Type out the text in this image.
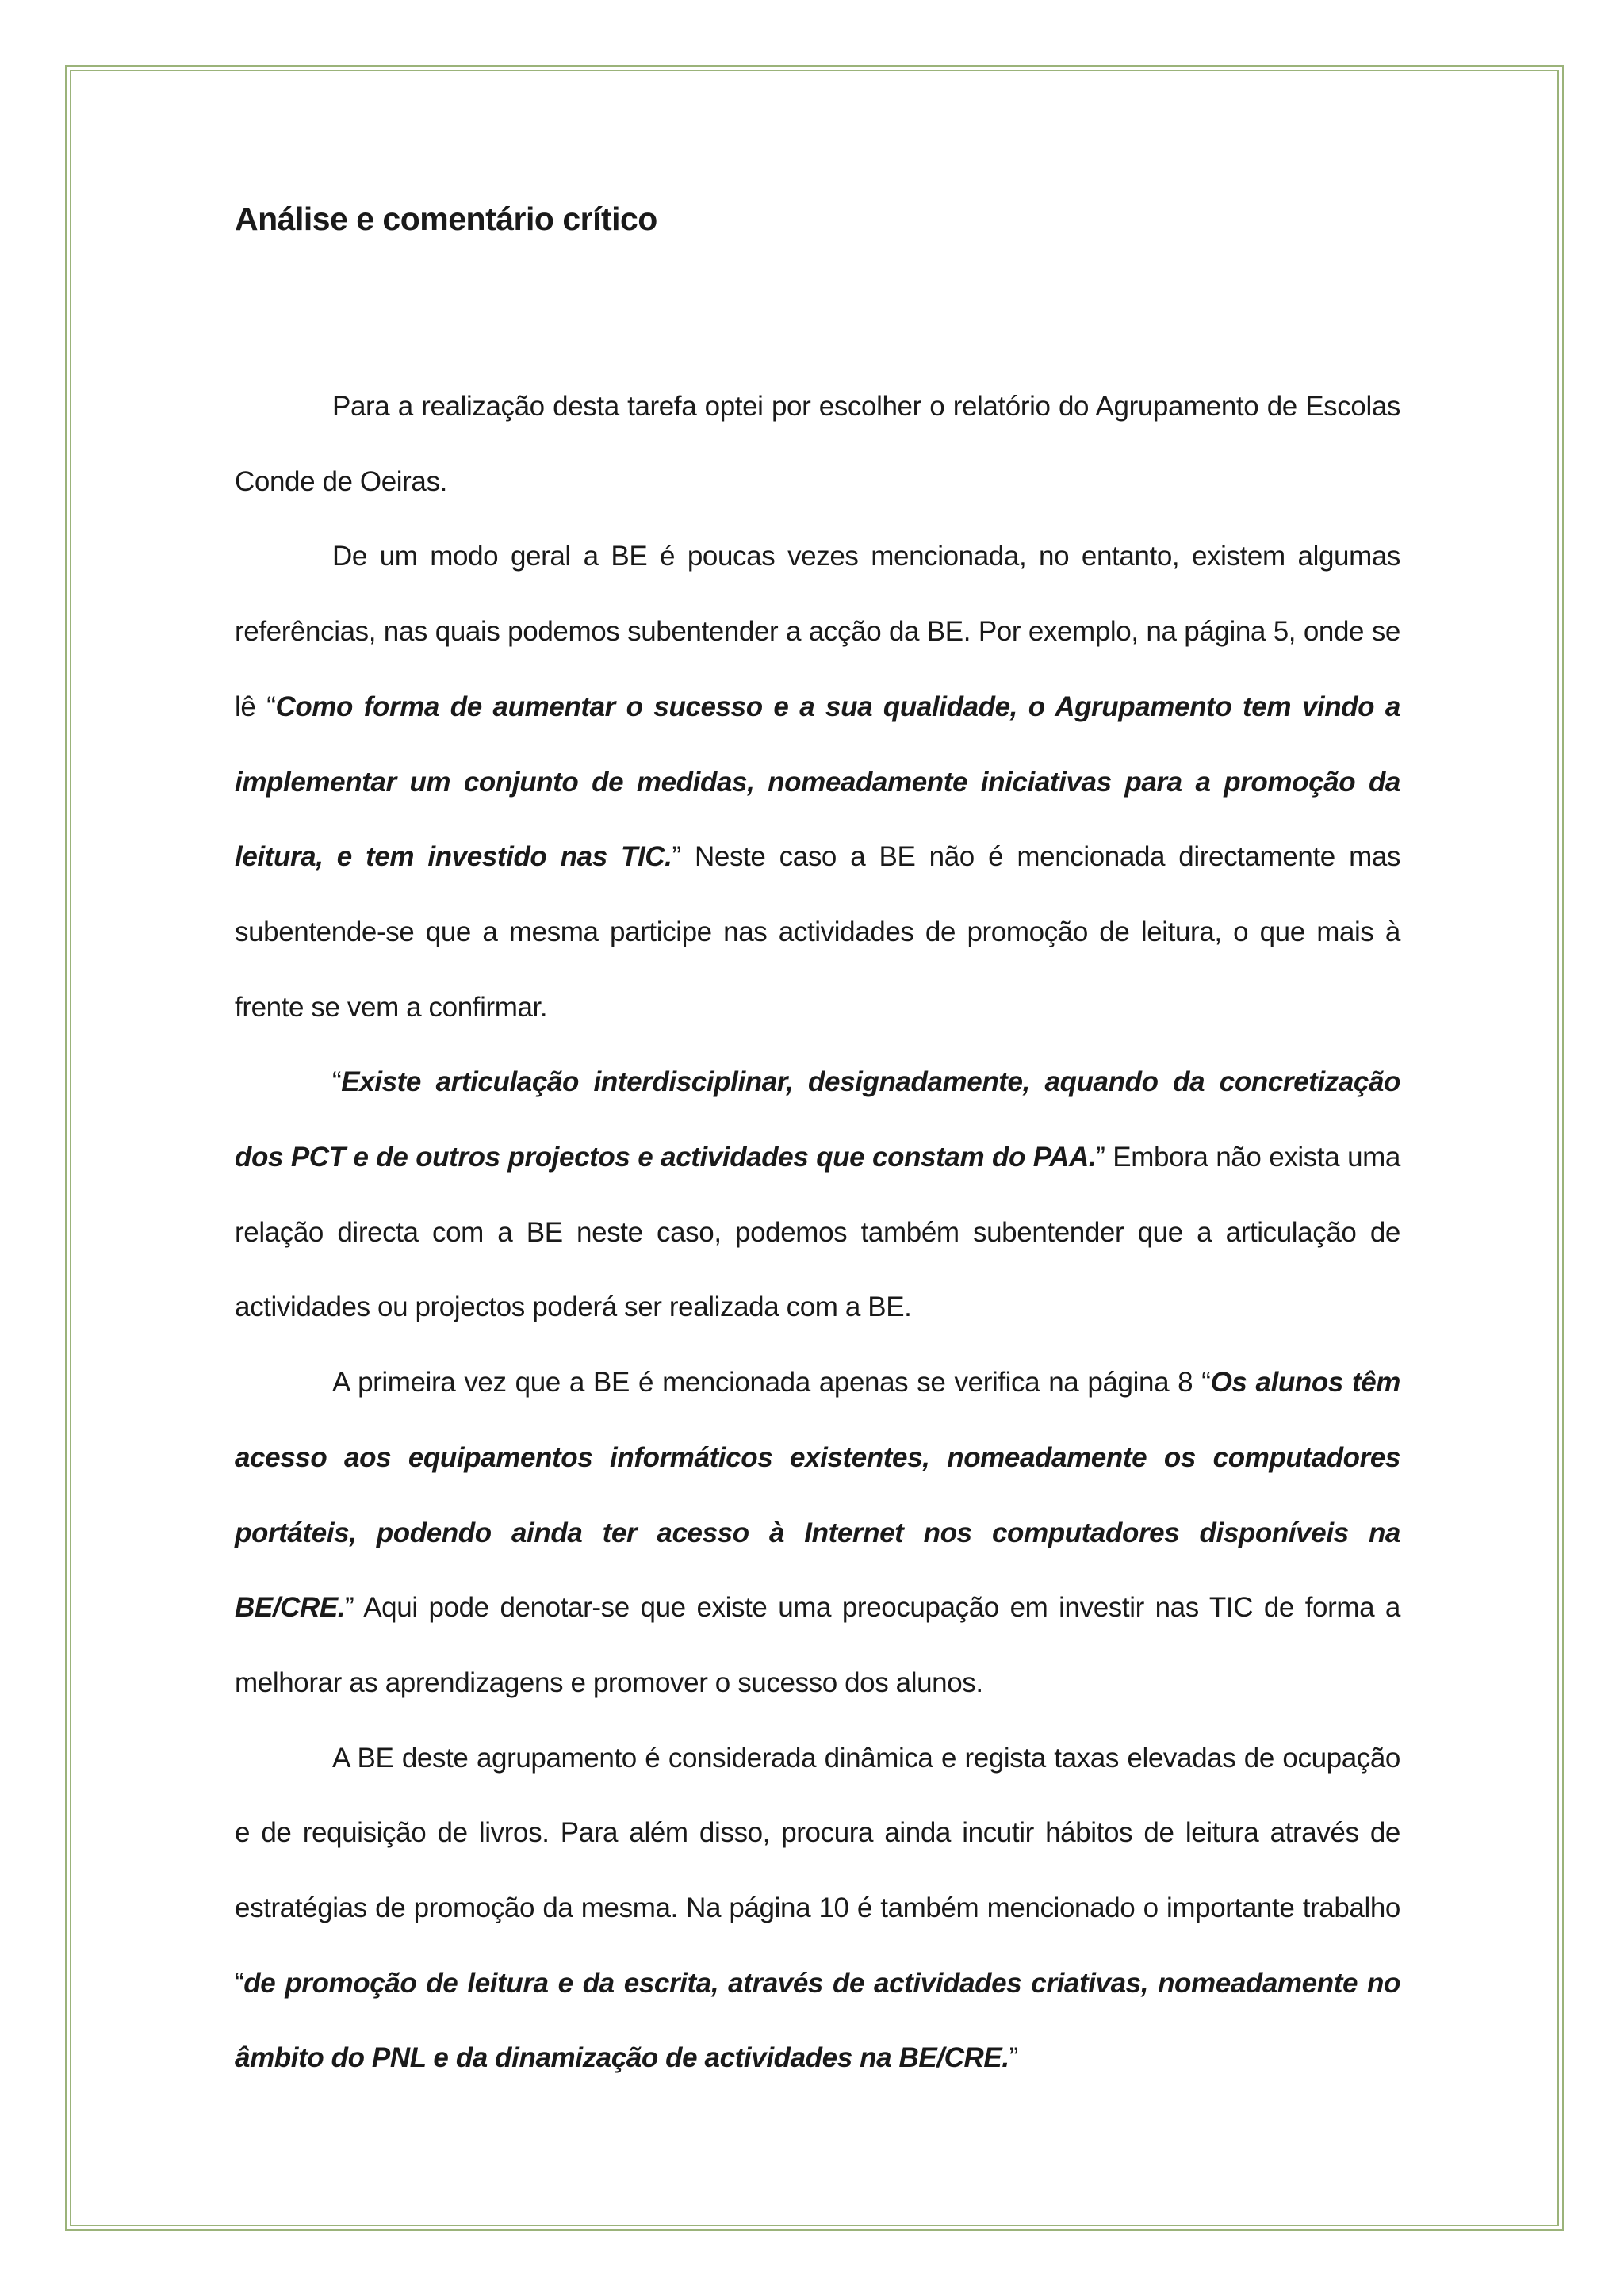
Análise e comentário crítico

Para a realização desta tarefa optei por escolher o relatório do Agrupamento de Escolas Conde de Oeiras.

De um modo geral a BE é poucas vezes mencionada, no entanto, existem algumas referências, nas quais podemos subentender a acção da BE. Por exemplo, na página 5, onde se lê “Como forma de aumentar o sucesso e a sua qualidade, o Agrupamento tem vindo a implementar um conjunto de medidas, nomeadamente iniciativas para a promoção da leitura, e tem investido nas TIC.” Neste caso a BE não é mencionada directamente mas subentende-se que a mesma participe nas actividades de promoção de leitura, o que mais à frente se vem a confirmar.

“Existe articulação interdisciplinar, designadamente, aquando da concretização dos PCT e de outros projectos e actividades que constam do PAA.” Embora não exista uma relação directa com a BE neste caso, podemos também subentender que a articulação de actividades ou projectos poderá ser realizada com a BE.

A primeira vez que a BE é mencionada apenas se verifica na página 8 “Os alunos têm acesso aos equipamentos informáticos existentes, nomeadamente os computadores portáteis, podendo ainda ter acesso à Internet nos computadores disponíveis na BE/CRE.” Aqui pode denotar-se que existe uma preocupação em investir nas TIC de forma a melhorar as aprendizagens e promover o sucesso dos alunos.

A BE deste agrupamento é considerada dinâmica e regista taxas elevadas de ocupação e de requisição de livros. Para além disso, procura ainda incutir hábitos de leitura através de estratégias de promoção da mesma. Na página 10 é também mencionado o importante trabalho “de promoção de leitura e da escrita, através de actividades criativas, nomeadamente no âmbito do PNL e da dinamização de actividades na BE/CRE.”
